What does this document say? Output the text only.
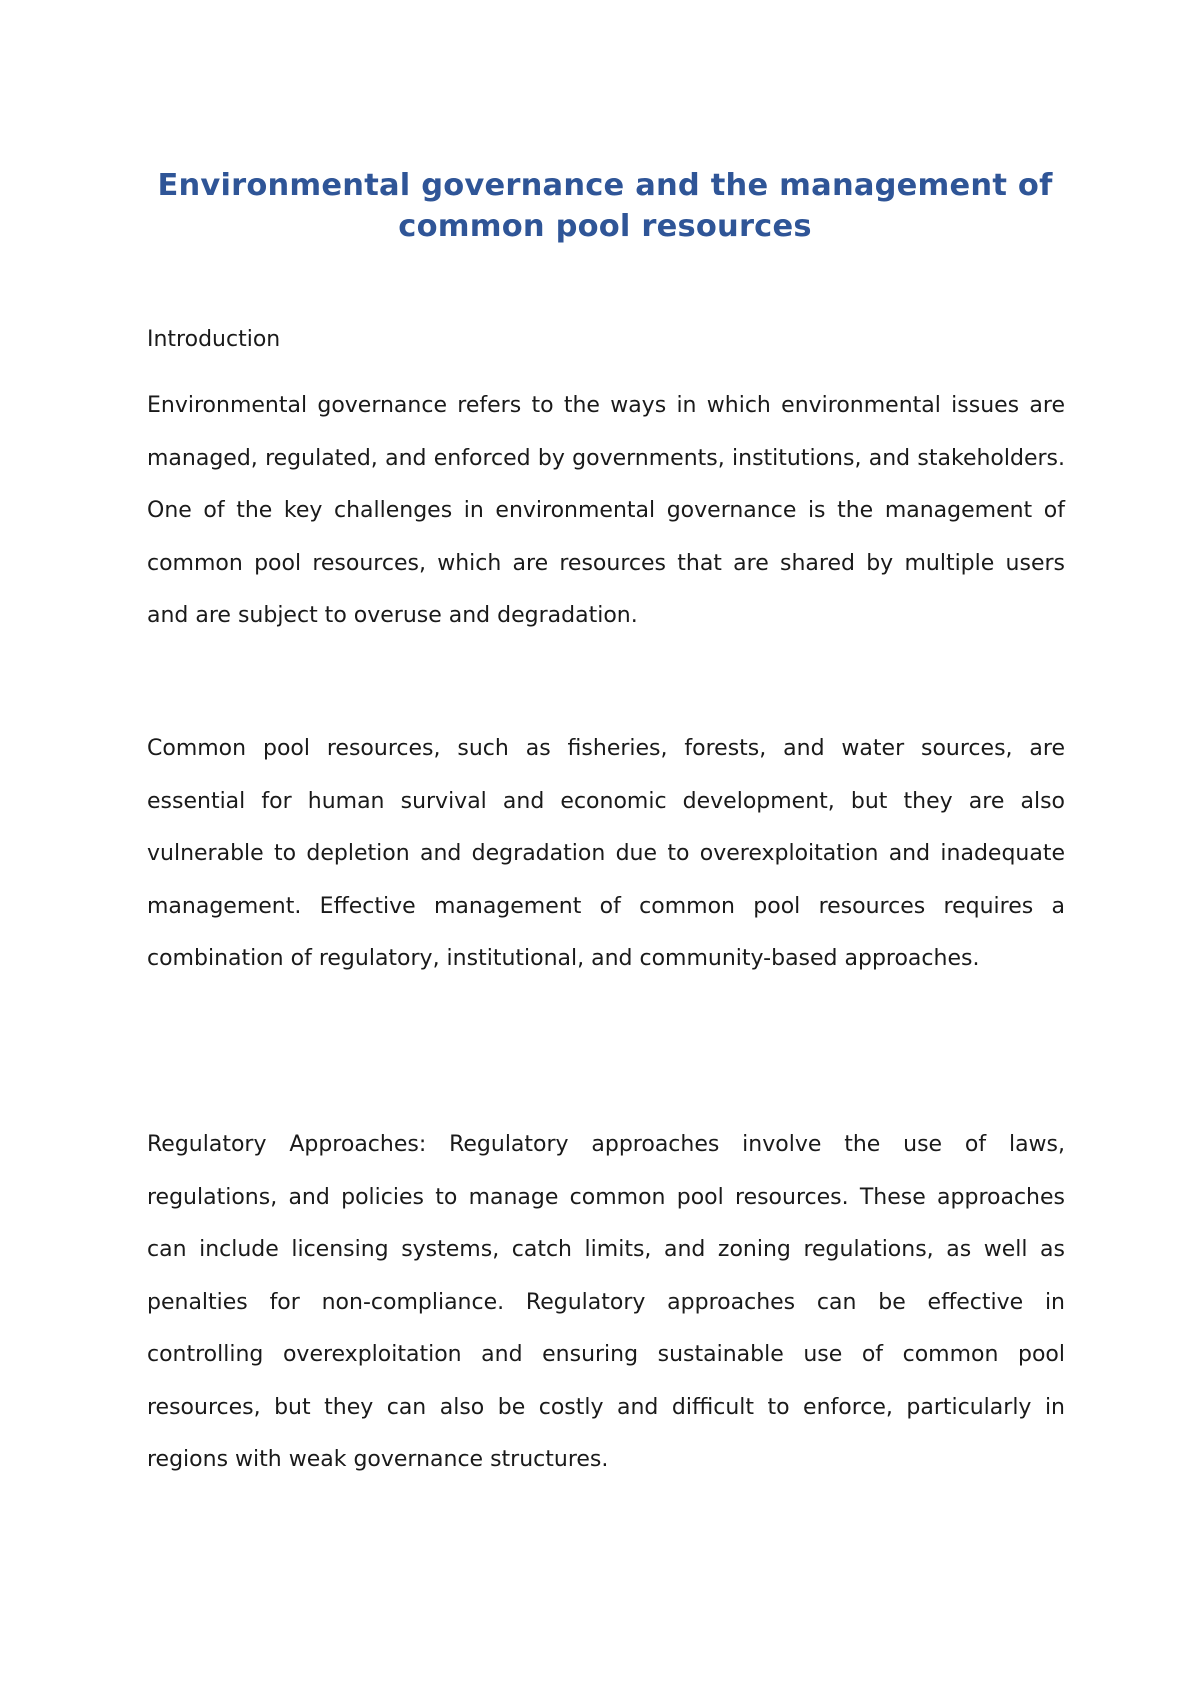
Environmental governance and the management of common pool resources

Introduction

Environmental governance refers to the ways in which environmental issues are managed, regulated, and enforced by governments, institutions, and stakeholders. One of the key challenges in environmental governance is the management of common pool resources, which are resources that are shared by multiple users and are subject to overuse and degradation.

Common pool resources, such as fisheries, forests, and water sources, are essential for human survival and economic development, but they are also vulnerable to depletion and degradation due to overexploitation and inadequate management. Effective management of common pool resources requires a combination of regulatory, institutional, and community-based approaches.

Regulatory Approaches: Regulatory approaches involve the use of laws, regulations, and policies to manage common pool resources. These approaches can include licensing systems, catch limits, and zoning regulations, as well as penalties for non-compliance. Regulatory approaches can be effective in controlling overexploitation and ensuring sustainable use of common pool resources, but they can also be costly and difficult to enforce, particularly in regions with weak governance structures.
